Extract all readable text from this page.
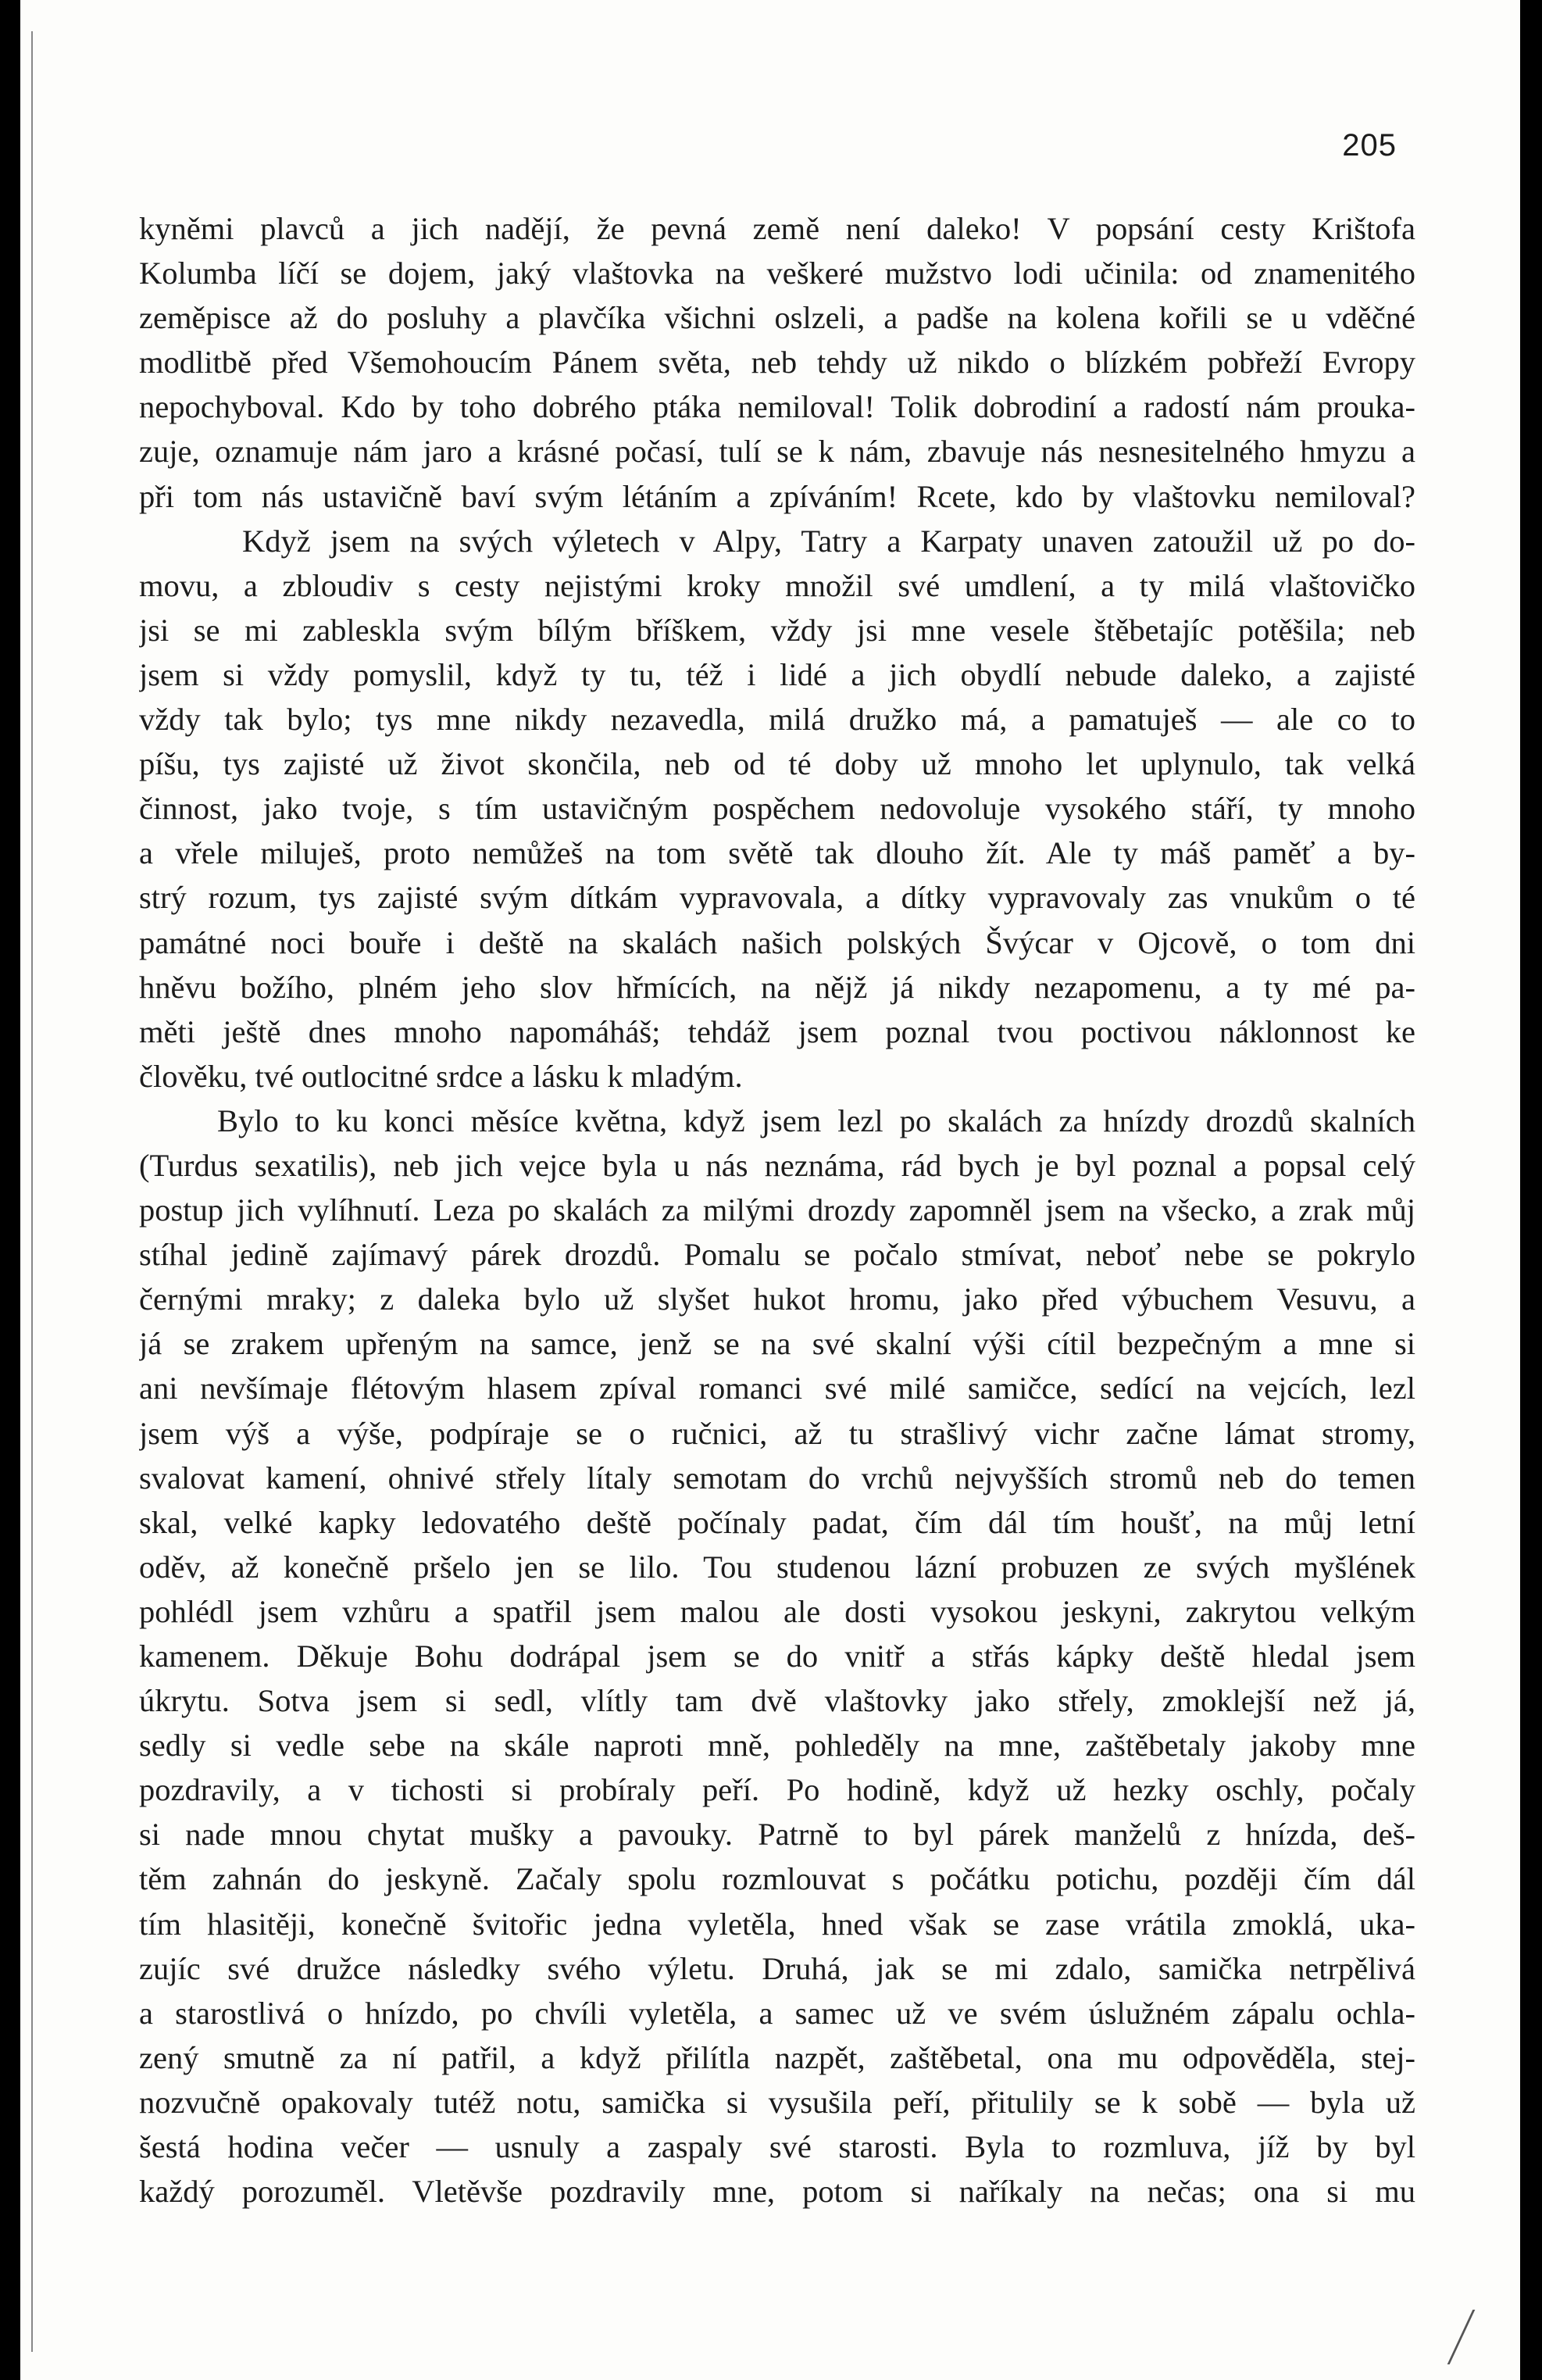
205
kyněmi plavců a jich nadějí, že pevná země není daleko! V popsání cesty Krištofa
Kolumba líčí se dojem, jaký vlaštovka na veškeré mužstvo lodi učinila: od znamenitého
zeměpisce až do posluhy a plavčíka všichni oslzeli, a padše na kolena kořili se u vděčné
modlitbě před Všemohoucím Pánem světa, neb tehdy už nikdo o blízkém pobřeží Evropy
nepochyboval. Kdo by toho dobrého ptáka nemiloval! Tolik dobrodiní a radostí nám prouka-
zuje, oznamuje nám jaro a krásné počasí, tulí se k nám, zbavuje nás nesnesitelného hmyzu a
při tom nás ustavičně baví svým létáním a zpíváním! Rcete, kdo by vlaštovku nemiloval?
Když jsem na svých výletech v Alpy, Tatry a Karpaty unaven zatoužil už po do-
movu, a zbloudiv s cesty nejistými kroky množil své umdlení, a ty milá vlaštovičko
jsi se mi zableskla svým bílým bříškem, vždy jsi mne vesele štěbetajíc potěšila; neb
jsem si vždy pomyslil, když ty tu, též i lidé a jich obydlí nebude daleko, a zajisté
vždy tak bylo; tys mne nikdy nezavedla, milá družko má, a pamatuješ — ale co to
píšu, tys zajisté už život skončila, neb od té doby už mnoho let uplynulo, tak velká
činnost, jako tvoje, s tím ustavičným pospěchem nedovoluje vysokého stáří, ty mnoho
a vřele miluješ, proto nemůžeš na tom světě tak dlouho žít. Ale ty máš paměť a by-
strý rozum, tys zajisté svým dítkám vypravovala, a dítky vypravovaly zas vnukům o té
památné noci bouře i deště na skalách našich polských Švýcar v Ojcově, o tom dni
hněvu božího, plném jeho slov hřmících, na nějž já nikdy nezapomenu, a ty mé pa-
měti ještě dnes mnoho napomáháš; tehdáž jsem poznal tvou poctivou náklonnost ke
člověku, tvé outlocitné srdce a lásku k mladým.
Bylo to ku konci měsíce května, když jsem lezl po skalách za hnízdy drozdů skalních
(Turdus sexatilis), neb jich vejce byla u nás neznáma, rád bych je byl poznal a popsal celý
postup jich vylíhnutí. Leza po skalách za milými drozdy zapomněl jsem na všecko, a zrak můj
stíhal jedině zajímavý párek drozdů. Pomalu se počalo stmívat, neboť nebe se pokrylo
černými mraky; z daleka bylo už slyšet hukot hromu, jako před výbuchem Vesuvu, a
já se zrakem upřeným na samce, jenž se na své skalní výši cítil bezpečným a mne si
ani nevšímaje flétovým hlasem zpíval romanci své milé samičce, sedící na vejcích, lezl
jsem výš a výše, podpíraje se o ručnici, až tu strašlivý vichr začne lámat stromy,
svalovat kamení, ohnivé střely lítaly semotam do vrchů nejvyšších stromů neb do temen
skal, velké kapky ledovatého deště počínaly padat, čím dál tím houšť, na můj letní
oděv, až konečně pršelo jen se lilo. Tou studenou lázní probuzen ze svých myšlének
pohlédl jsem vzhůru a spatřil jsem malou ale dosti vysokou jeskyni, zakrytou velkým
kamenem. Děkuje Bohu dodrápal jsem se do vnitř a střás kápky deště hledal jsem
úkrytu. Sotva jsem si sedl, vlítly tam dvě vlaštovky jako střely, zmoklejší než já,
sedly si vedle sebe na skále naproti mně, pohleděly na mne, zaštěbetaly jakoby mne
pozdravily, a v tichosti si probíraly peří. Po hodině, když už hezky oschly, počaly
si nade mnou chytat mušky a pavouky. Patrně to byl párek manželů z hnízda, deš-
těm zahnán do jeskyně. Začaly spolu rozmlouvat s počátku potichu, později čím dál
tím hlasitěji, konečně švitořic jedna vyletěla, hned však se zase vrátila zmoklá, uka-
zujíc své družce následky svého výletu. Druhá, jak se mi zdalo, samička netrpělivá
a starostlivá o hnízdo, po chvíli vyletěla, a samec už ve svém úslužném zápalu ochla-
zený smutně za ní patřil, a když přilítla nazpět, zaštěbetal, ona mu odpověděla, stej-
nozvučně opakovaly tutéž notu, samička si vysušila peří, přitulily se k sobě — byla už
šestá hodina večer — usnuly a zaspaly své starosti. Byla to rozmluva, jíž by byl
každý porozuměl. Vletěvše pozdravily mne, potom si naříkaly na nečas; ona si mu
